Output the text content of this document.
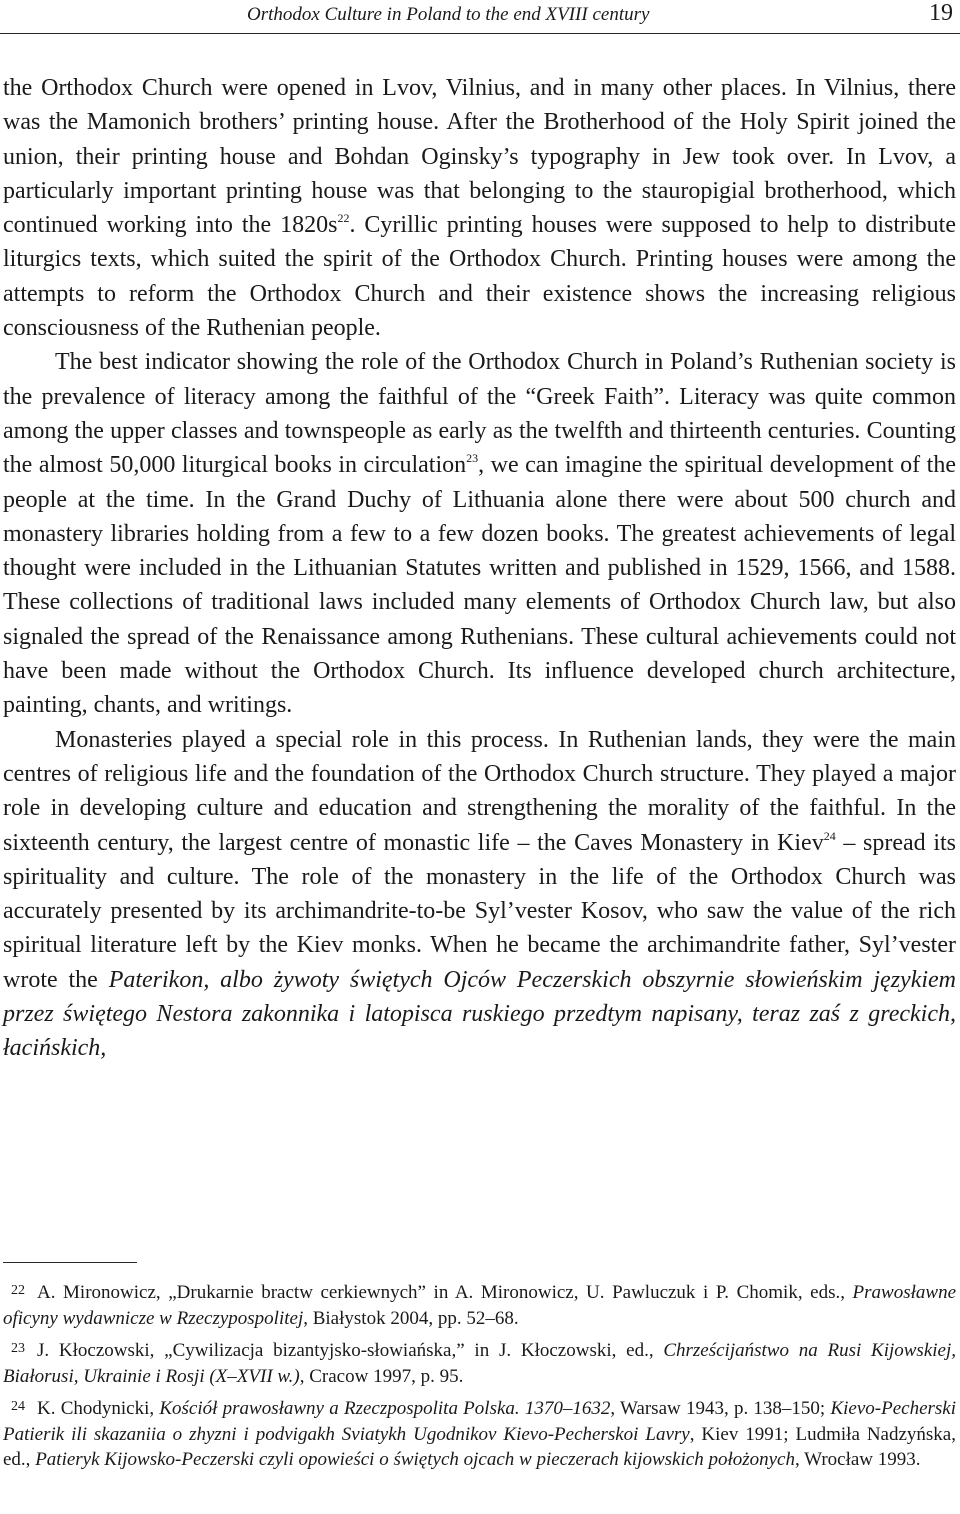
Orthodox Culture in Poland to the end XVIII century	19

the Orthodox Church were opened in Lvov, Vilnius, and in many other places. In Vilnius, there was the Mamonich brothers’ printing house. After the Brotherhood of the Holy Spirit joined the union, their printing house and Bohdan Oginsky’s typography in Jew took over. In Lvov, a particularly important printing house was that belonging to the stauropigial brotherhood, which continued working into the $1820s^{22}$. Cyrillic printing houses were supposed to help to distribute liturgics texts, which suited the spirit of the Orthodox Church. Printing houses were among the attempts to reform the Orthodox Church and their existence shows the increasing religious consciousness of the Ruthenian people.

The best indicator showing the role of the Orthodox Church in Poland’s Ruthenian society is the prevalence of literacy among the faithful of the “Greek Faith”. Literacy was quite common among the upper classes and townspeople as early as the twelfth and thirteenth centuries. Counting the almost 50,000 liturgical books in circulation$^{23}$, we can imagine the spiritual development of the people at the time. In the Grand Duchy of Lithuania alone there were about 500 church and monastery libraries holding from a few to a few dozen books. The greatest achievements of legal thought were included in the Lithuanian Statutes written and published in 1529, 1566, and 1588. These collections of traditional laws included many elements of Orthodox Church law, but also signaled the spread of the Renaissance among Ruthenians. These cultural achievements could not have been made without the Orthodox Church. Its influence developed church architecture, painting, chants, and writings.

Monasteries played a special role in this process. In Ruthenian lands, they were the main centres of religious life and the foundation of the Orthodox Church structure. They played a major role in developing culture and education and strengthening the morality of the faithful. In the sixteenth century, the largest centre of monastic life – the Caves Monastery in Kiev$^{24}$ – spread its spirituality and culture. The role of the monastery in the life of the Orthodox Church was accurately presented by its archimandrite-to-be Syl’vester Kosov, who saw the value of the rich spiritual literature left by the Kiev monks. When he became the archimandrite father, Syl’vester wrote the Paterikon, albo żywoty świętych Ojców Peczerskich obszyrnie słowieńskim językiem przez świętego Nestora zakonnika i latopisca ruskiego przedtym napisany, teraz zaś z greckich, łacińskich,

22 A. Mironowicz, „Drukarnie bractw cerkiewnych” in A. Mironowicz, U. Pawluczuk i P. Chomik, eds., Prawosławne oficyny wydawnicze w Rzeczypospolitej, Białystok 2004, pp. 52–68.

23 J. Kłoczowski, „Cywilizacja bizantyjsko-słowiańska,” in J. Kłoczowski, ed., Chrześcijaństwo na Rusi Kijowskiej, Białorusi, Ukrainie i Rosji (X–XVII w.), Cracow 1997, p. 95.

24 K. Chodynicki, Kościół prawosławny a Rzeczpospolita Polska. 1370–1632, Warsaw 1943, p. 138–150; Kievo-Pecherski Patierik ili skazaniia o zhyzni i podvigakh Sviatykh Ugodnikov Kievo-Pecherskoi Lavry, Kiev 1991; Ludmiła Nadzyńska, ed., Patieryk Kijowsko-Peczerski czyli opowieści o świętych ojcach w pieczerach kijowskich położonych, Wrocław 1993.
